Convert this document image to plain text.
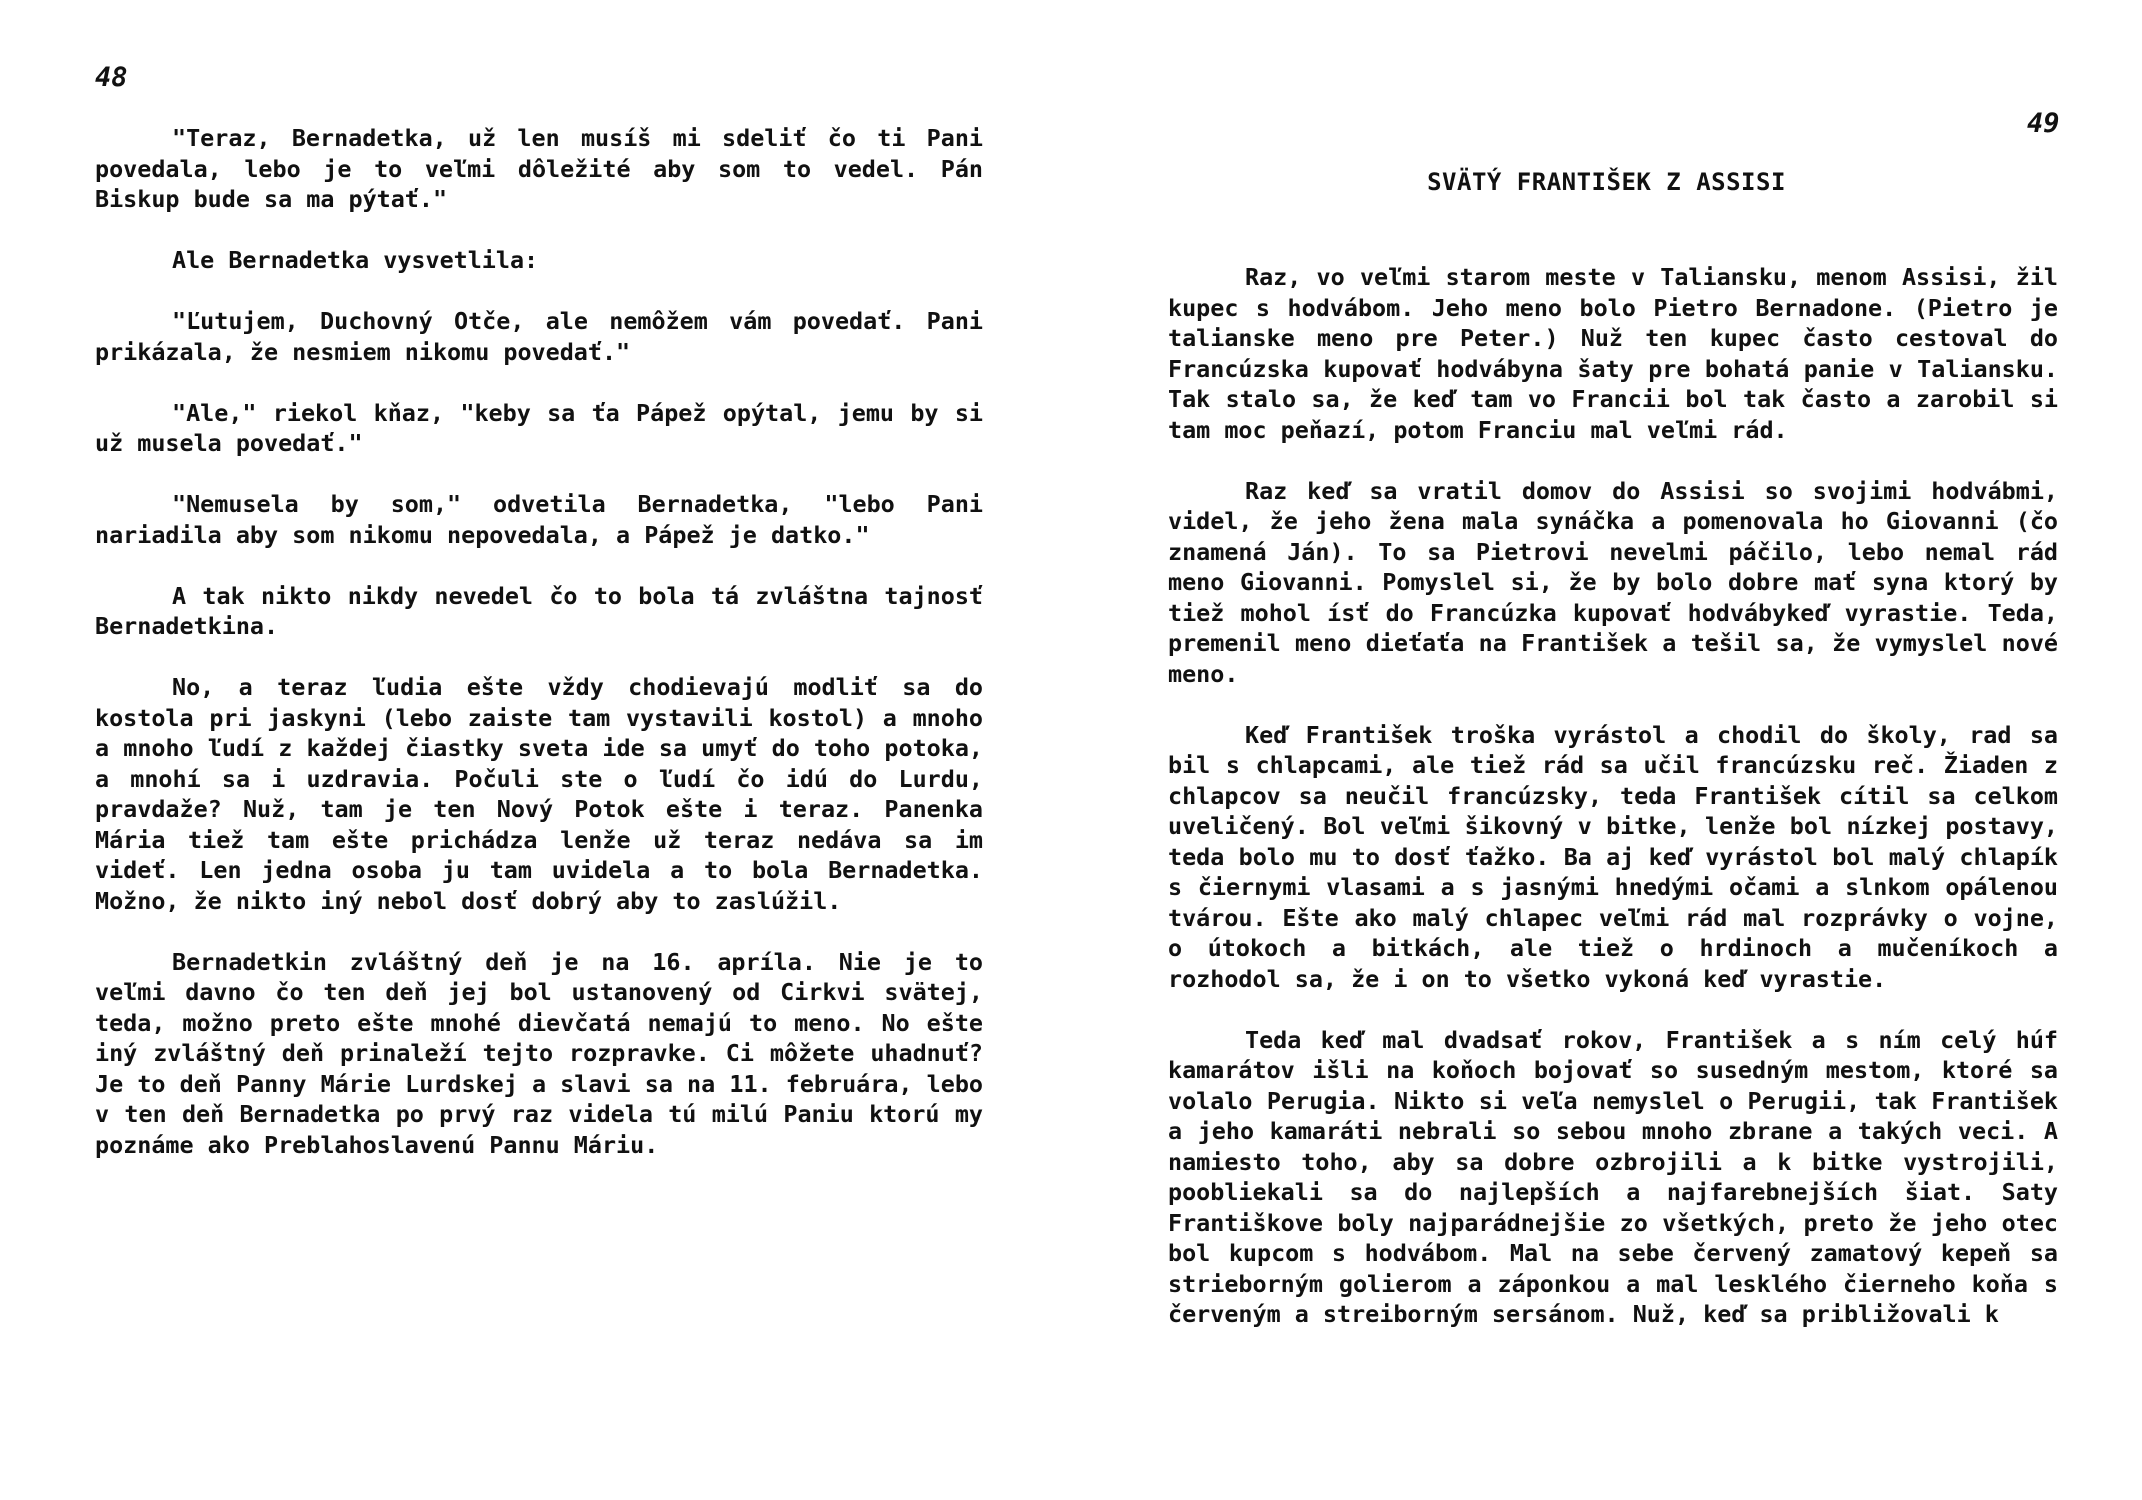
48

"Teraz, Bernadetka, už len musíš mi sdeliť čo ti Pani povedala, lebo je to veľmi dôležité aby som to vedel. Pán Biskup bude sa ma pýtať."

Ale Bernadetka vysvetlila:

"Ľutujem, Duchovný Otče, ale nemôžem vám povedať. Pani prikázala, že nesmiem nikomu povedať."

"Ale," riekol kňaz, "keby sa ťa Pápež opýtal, jemu by si už musela povedať."

"Nemusela by som," odvetila Bernadetka, "lebo Pani nariadila aby som nikomu nepovedala, a Pápež je datko."

A tak nikto nikdy nevedel čo to bola tá zvláštna tajnosť Bernadetkina.

No, a teraz ľudia ešte vždy chodievajú modliť sa do kostola pri jaskyni (lebo zaiste tam vystavili kostol) a mnoho a mnoho ľudí z každej čiastky sveta ide sa umyť do toho potoka, a mnohí sa i uzdravia. Počuli ste o ľudí čo idú do Lurdu, pravdaže? Nuž, tam je ten Nový Potok ešte i teraz. Panenka Mária tiež tam ešte prichádza lenže už teraz nedáva sa im videť. Len jedna osoba ju tam uvidela a to bola Bernadetka. Možno, že nikto iný nebol dosť dobrý aby to zaslúžil.

Bernadetkin zvláštný deň je na 16. apríla. Nie je to veľmi davno čo ten deň jej bol ustanovený od Cirkvi svätej, teda, možno preto ešte mnohé dievčatá nemajú to meno. No ešte iný zvláštný deň prinaleží tejto rozpravke. Ci môžete uhadnuť? Je to deň Panny Márie Lurdskej a slavi sa na 11. februára, lebo v ten deň Bernadetka po prvý raz videla tú milú Paniu ktorú my poznáme ako Preblahoslavenú Pannu Máriu.

49
SVÄTÝ FRANTIŠEK Z ASSISI

Raz, vo veľmi starom meste v Taliansku, menom Assisi, žil kupec s hodvábom. Jeho meno bolo Pietro Bernadone. (Pietro je talianske meno pre Peter.) Nuž ten kupec často cestoval do Francúzska kupovať hodvábyna šaty pre bohatá panie v Taliansku. Tak stalo sa, že keď tam vo Francii bol tak často a zarobil si tam moc peňazí, potom Franciu mal veľmi rád.

Raz keď sa vratil domov do Assisi so svojimi hodvábmi, videl, že jeho žena mala synáčka a pomenovala ho Giovanni (čo znamená Ján). To sa Pietrovi nevelmi páčilo, lebo nemal rád meno Giovanni. Pomyslel si, že by bolo dobre mať syna ktorý by tiež mohol ísť do Francúzka kupovať hodvábykeď vyrastie. Teda, premenil meno dieťaťa na František a tešil sa, že vymyslel nové meno.

Keď František troška vyrástol a chodil do školy, rad sa bil s chlapcami, ale tiež rád sa učil francúzsku reč. Žiaden z chlapcov sa neučil francúzsky, teda František cítil sa celkom uveličený. Bol veľmi šikovný v bitke, lenže bol nízkej postavy, teda bolo mu to dosť ťažko. Ba aj keď vyrástol bol malý chlapík s čiernymi vlasami a s jasnými hnedými očami a slnkom opálenou tvárou. Ešte ako malý chlapec veľmi rád mal rozprávky o vojne, o útokoch a bitkách, ale tiež o hrdinoch a mučeníkoch a rozhodol sa, že i on to všetko vykoná keď vyrastie.

Teda keď mal dvadsať rokov, František a s ním celý húf kamarátov išli na koňoch bojovať so susedným mestom, ktoré sa volalo Perugia. Nikto si veľa nemyslel o Perugii, tak František a jeho kamaráti nebrali so sebou mnoho zbrane a takých veci. A namiesto toho, aby sa dobre ozbrojili a k bitke vystrojili, poobliekali sa do najlepších a najfarebnejších šiat. Saty Františkove boly najparádnejšie zo všetkých, preto že jeho otec bol kupcom s hodvábom. Mal na sebe červený zamatový kepeň sa strieborným golierom a záponkou a mal lesklého čierneho koňa s červeným a streiborným sersánom. Nuž, keď sa približovali k
